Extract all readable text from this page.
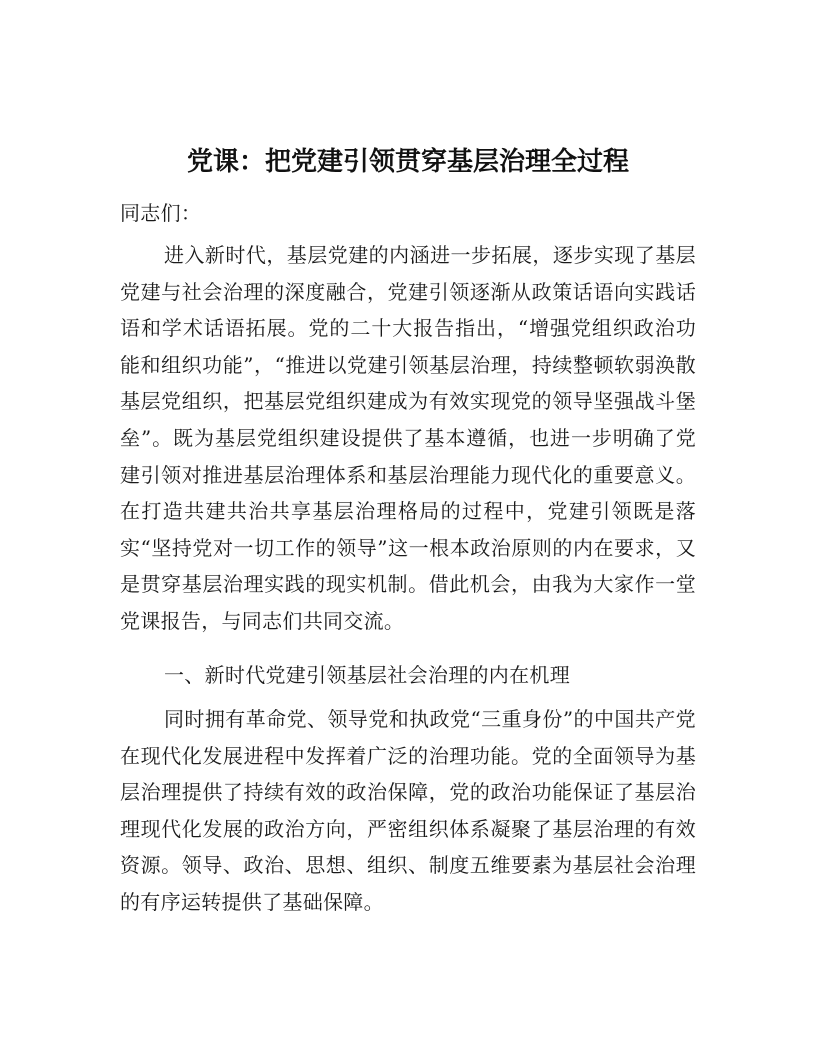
党课：把党建引领贯穿基层治理全过程

同志们：

进入新时代，基层党建的内涵进一步拓展，逐步实现了基层党建与社会治理的深度融合，党建引领逐渐从政策话语向实践话语和学术话语拓展。党的二十大报告指出，“增强党组织政治功能和组织功能”，“推进以党建引领基层治理，持续整顿软弱涣散基层党组织，把基层党组织建成为有效实现党的领导坚强战斗堡垒”。既为基层党组织建设提供了基本遵循，也进一步明确了党建引领对推进基层治理体系和基层治理能力现代化的重要意义。在打造共建共治共享基层治理格局的过程中，党建引领既是落实“坚持党对一切工作的领导”这一根本政治原则的内在要求，又是贯穿基层治理实践的现实机制。借此机会，由我为大家作一堂党课报告，与同志们共同交流。

一、新时代党建引领基层社会治理的内在机理

同时拥有革命党、领导党和执政党“三重身份”的中国共产党在现代化发展进程中发挥着广泛的治理功能。党的全面领导为基层治理提供了持续有效的政治保障，党的政治功能保证了基层治理现代化发展的政治方向，严密组织体系凝聚了基层治理的有效资源。领导、政治、思想、组织、制度五维要素为基层社会治理的有序运转提供了基础保障。
